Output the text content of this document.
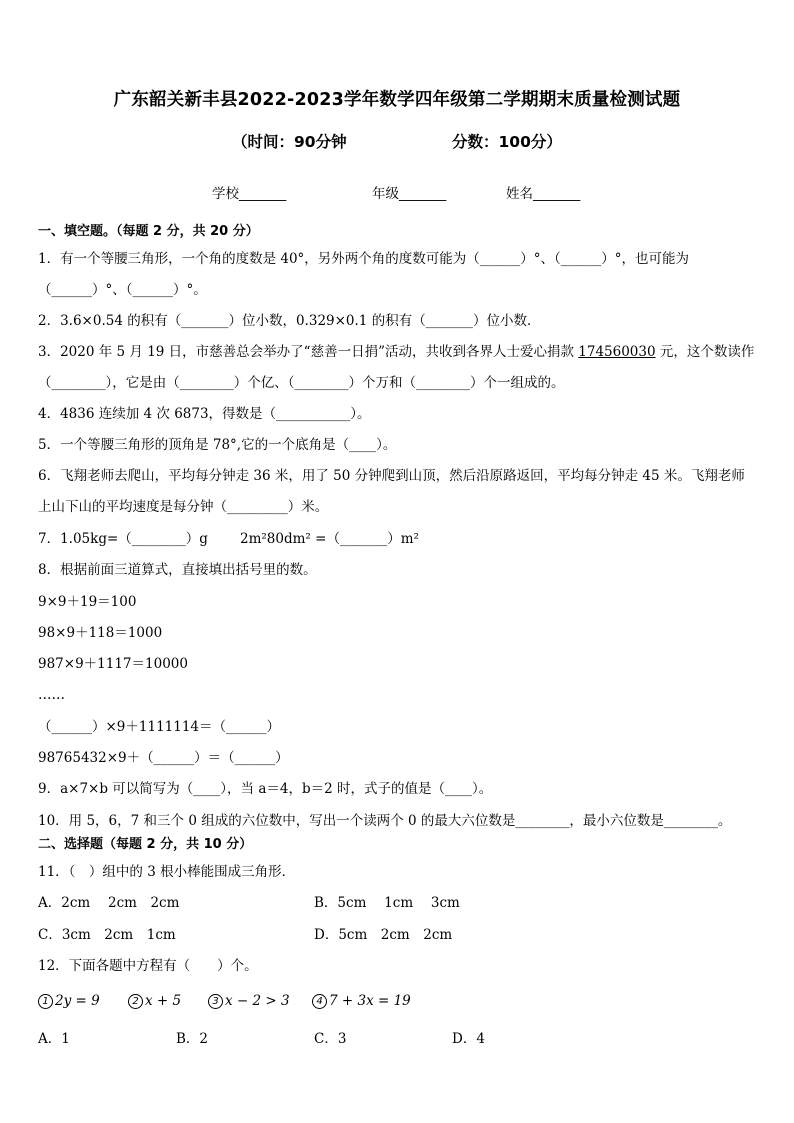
广东韶关新丰县2022-2023学年数学四年级第二学期期末质量检测试题
（时间：90分钟	分数：100分）
学校_______	年级_______	姓名_______
一、填空题。（每题 2 分，共 20 分）
1．有一个等腰三角形，一个角的度数是 40°，另外两个角的度数可能为（______）°、（______）°，也可能为
（______）°、（______）°。
2．3.6×0.54 的积有（_______）位小数，0.329×0.1 的积有（_______）位小数．
3．2020 年 5 月 19 日，市慈善总会举办了“慈善一日捐”活动，共收到各界人士爱心捐款 174560030 元，这个数读作
（________），它是由（________）个亿、（________）个万和（________）个一组成的。
4．4836 连续加 4 次 6873，得数是（___________）。
5．一个等腰三角形的顶角是 78°,它的一个底角是（____）。
6．飞翔老师去爬山，平均每分钟走 36 米，用了 50 分钟爬到山顶，然后沿原路返回，平均每分钟走 45 米。飞翔老师
上山下山的平均速度是每分钟（_________）米。
7．1.05kg=（________）g 2m²80dm² =（_______）m²
8．根据前面三道算式，直接填出括号里的数。
9×9＋19＝100
98×9＋118＝1000
987×9＋1117＝10000
……
（______）×9＋1111114＝（______）
98765432×9＋（______）＝（______）
9．a×7×b 可以简写为（____），当 a＝4，b＝2 时，式子的值是（____）。
10．用 5，6，7 和三个 0 组成的六位数中，写出一个读两个 0 的最大六位数是________，最小六位数是________。
二、选择题（每题 2 分，共 10 分）
11．（　）组中的 3 根小棒能围成三角形．
A．2cm　 2cm　2cm	B．5cm　 1cm　 3cm
C．3cm　2cm　1cm	D．5cm　2cm　2cm
12．下面各题中方程有（　　）个。
1 2y = 9	2 x + 5	3 x − 2 > 3	4 7 + 3x = 19
A．1	B．2	C．3	D．4
